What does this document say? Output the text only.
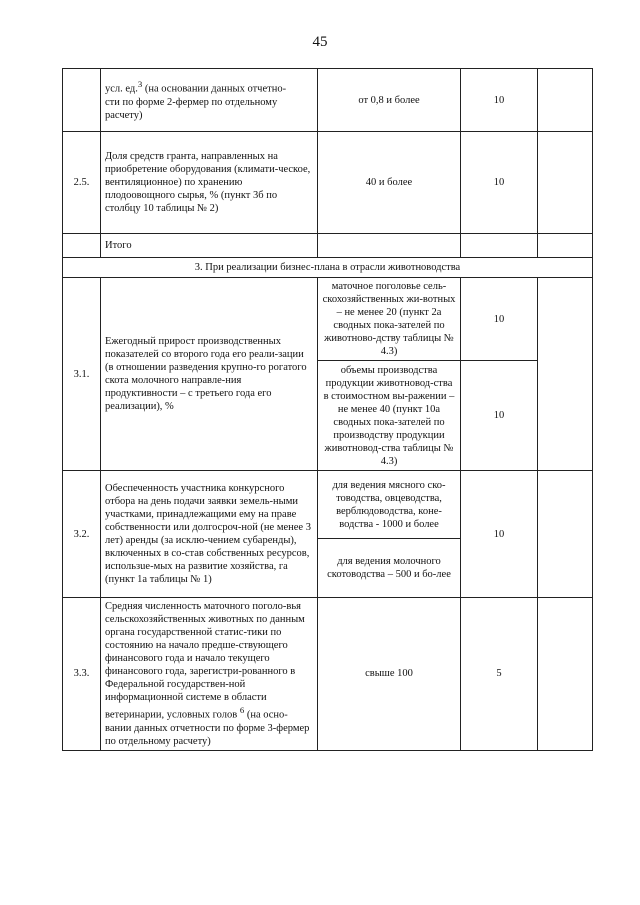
45
	усл. ед.$^3$ (на основании данных отчетно-
сти по форме 2-фермер по отдельному
расчету)	от 0,8 и более	10	
2.5.	Доля средств гранта, направленных на приобретение оборудования (климати-ческое, вентиляционное) по хранению плодоовощного сырья, % (пункт 3б по столбцу 10 таблицы № 2)	40 и более	10	
	Итого			
3. При реализации бизнес-плана в отрасли животноводства				
3.1.	Ежегодный прирост производственных показателей со второго года его реали-зации (в отношении разведения крупно-го рогатого скота молочного направле-ния продуктивности – с третьего года его реализации), %	маточное поголовье сель-скохозяйственных жи-вотных – не менее 20 (пункт 2а сводных пока-зателей по животново-дству таблицы № 4.3)	10	
		объемы производства продукции животновод-ства в стоимостном вы-ражении – не менее 40 (пункт 10а сводных пока-зателей по производству продукции животновод-ства таблицы № 4.3)	10	
3.2.	Обеспеченность участника конкурсного отбора на день подачи заявки земель-ными участками, принадлежащими ему на праве собственности или долгосроч-ной (не менее 3 лет) аренды (за исклю-чением субаренды), включенных в со-став собственных ресурсов, использue-мых на развитие хозяйства, га (пункт 1а таблицы № 1)	для ведения мясного ско-товодства, овцеводства, верблюдоводства, коне-водства - 1000 и более	10	
		для ведения молочного скотоводства – 500 и бо-лее		
3.3.	Средняя численность маточного поголо-вья сельскохозяйственных животных по данным органа государственной статис-тики по состоянию на начало предше-ствующего финансового года и начало текущего финансового года, зарегистри-рованного в Федеральной государствен-ной информационной системе в области ветеринарии, условных голов $^6$ (на осно-вании данных отчетности по форме 3-фермер по отдельному расчету)	свыше 100	5	
